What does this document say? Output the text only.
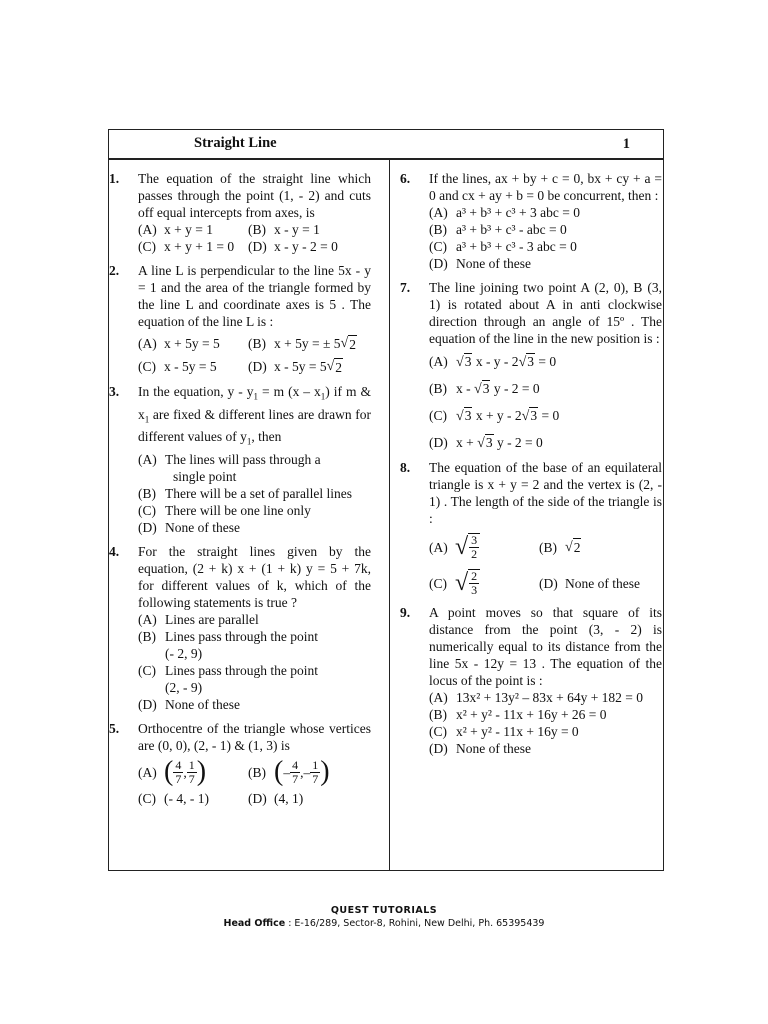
Straight Line	1
1.	The equation of the straight line which passes through the point (1, - 2) and cuts off equal intercepts from axes, is
(A) x + y = 1	(B) x - y = 1
(C) x + y + 1 = 0 (D) x - y - 2 = 0
2.	A line L is perpendicular to the line 5x - y = 1 and the area of the triangle formed by the line L and coordinate axes is 5 . The equation of the line L is :
(A) x + 5y = 5 (B) x + 5y = ± 5 √ 2
(C) x - 5y = 5 (D) x - 5y = 5 √ 2
3.	In the equation, $y - y_1 = m$ $(x - x_1)$ if m & $x_1$ are fixed & different lines are drawn for different values of $y_1$, then
(A) The lines will pass through a
single point
(B) There will be a set of parallel lines
(C) There will be one line only
(D) None of these
4.	For the straight lines given by the equation, (2 + k) x + (1 + k) y = 5 + 7k, for different values of k, which of the following statements is true ?
(A) Lines are parallel
(B) Lines pass through the point
(- 2, 9)
(C) Lines pass through the point
(2, - 9)
(D) None of these
5.	Orthocentre of the triangle whose vertices are (0, 0), (2, - 1) & (1, 3) is
(A) ( $\frac{4}{7}$ , $\frac{1}{7}$ )	(B) ( – $\frac{4}{7}$ , – $\frac{1}{7}$ )
(C) (- 4, - 1)	(D) (4, 1)
6.	If the lines, ax + by + c = 0, bx + cy + a = 0 and cx + ay + b = 0 be concurrent, then :
(A) a³ + b³ + c³ + 3 abc = 0
(B) a³ + b³ + c³ - abc = 0
(C) a³ + b³ + c³ - 3 abc = 0
(D) None of these
7.	The line joining two point A (2, 0), B (3, 1) is rotated about A in anti clockwise direction through an angle of 15º . The equation of the line in the new position is :
(A) √3 x - y - 2√3 = 0
(B) x - √3 y - 2 = 0
(C) √3 x + y - 2√3 = 0
(D) x + √3 y - 2 = 0
8.	The equation of the base of an equilateral triangle is x + y = 2 and the vertex is (2, - 1) . The length of the side of the triangle is :
(A) √ $\frac{3}{2}$	(B) √ 2
(C) √ $\frac{2}{3}$	(D) None of these
9.	A point moves so that square of its distance from the point (3, - 2) is numerically equal to its distance from the line 5x - 12y = 13 . The equation of the locus of the point is :
(A) 13x² + 13y² – 83x + 64y + 182 = 0
(B) x² + y² - 11x + 16y + 26 = 0
(C) x² + y² - 11x + 16y = 0
(D) None of these
QUEST TUTORIALS
Head Office : E-16/289, Sector-8, Rohini, New Delhi, Ph. 65395439
